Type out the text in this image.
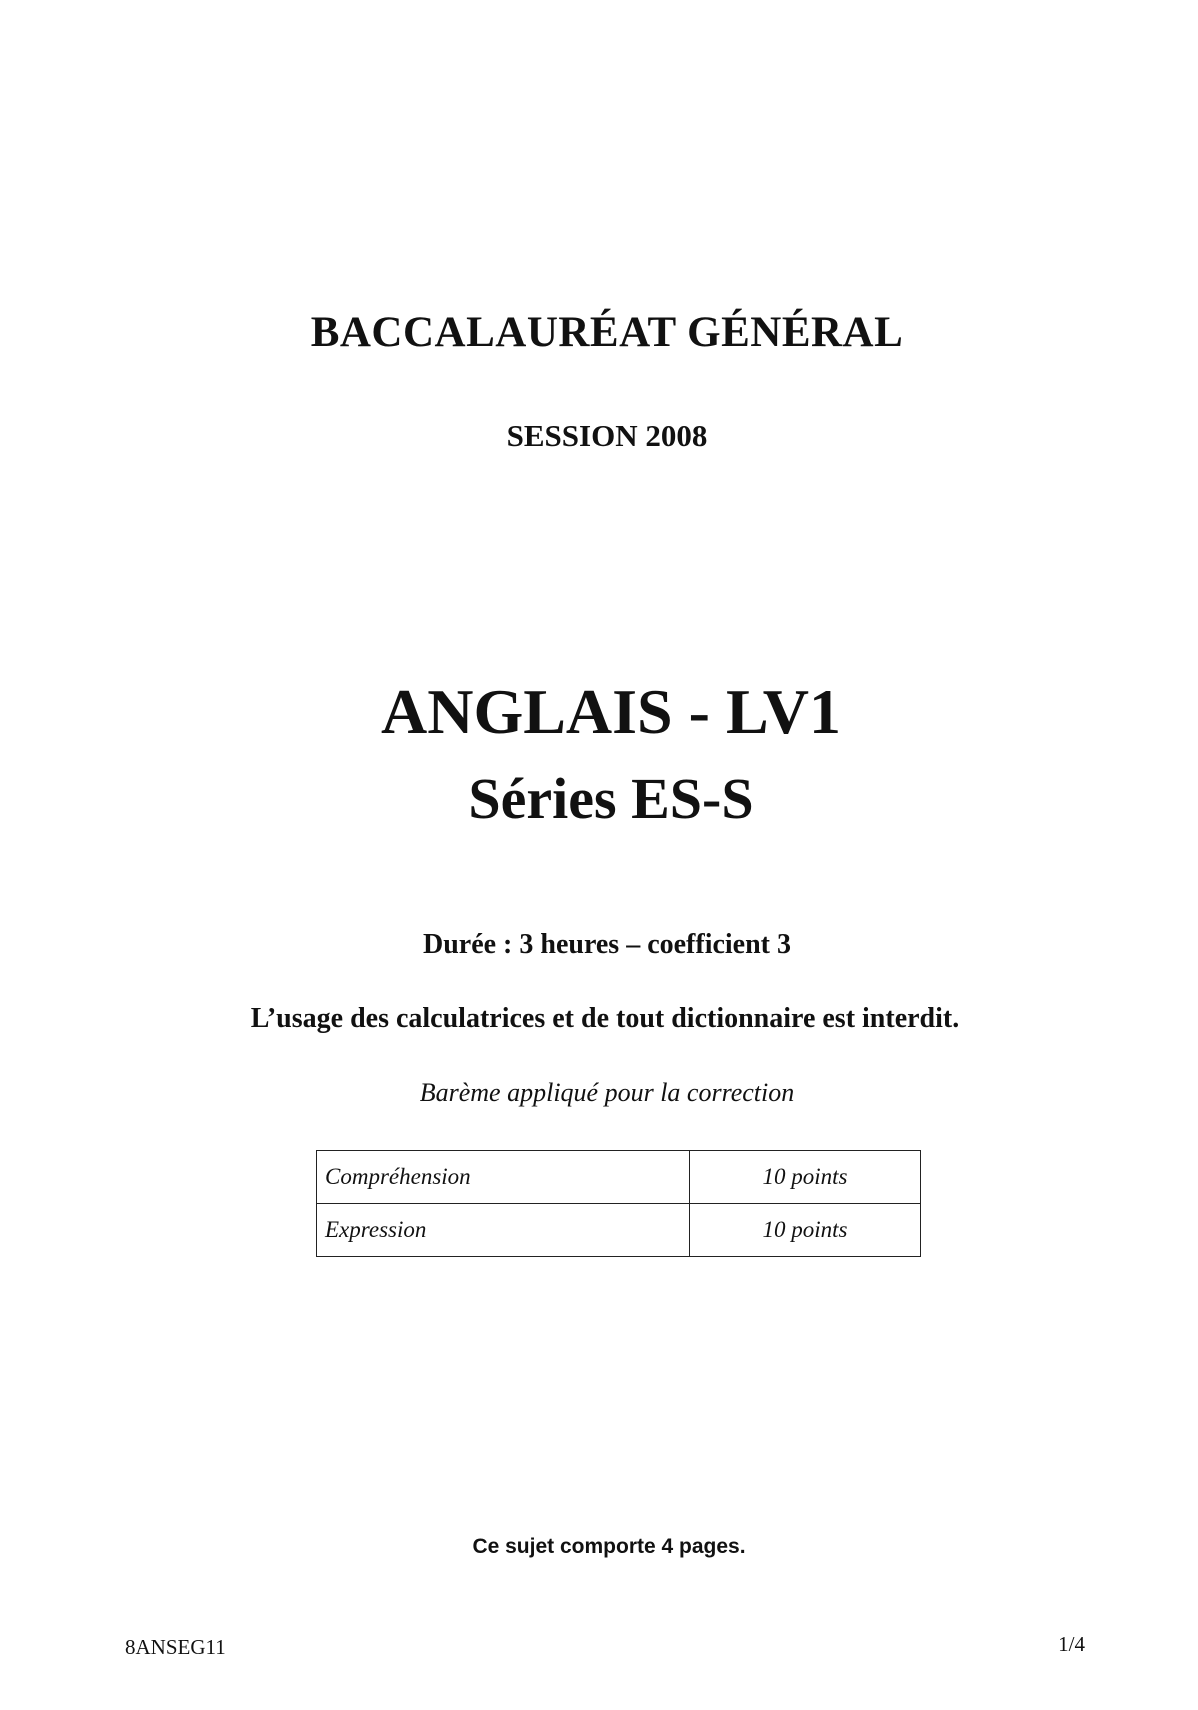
BACCALAURÉAT GÉNÉRAL
SESSION 2008
ANGLAIS - LV1
Séries ES-S
Durée : 3 heures – coefficient 3
L’usage des calculatrices et de tout dictionnaire est interdit.
Barème appliqué pour la correction
Compréhension	10 points
Expression	10 points
Ce sujet comporte 4 pages.
8ANSEG11	1/4
